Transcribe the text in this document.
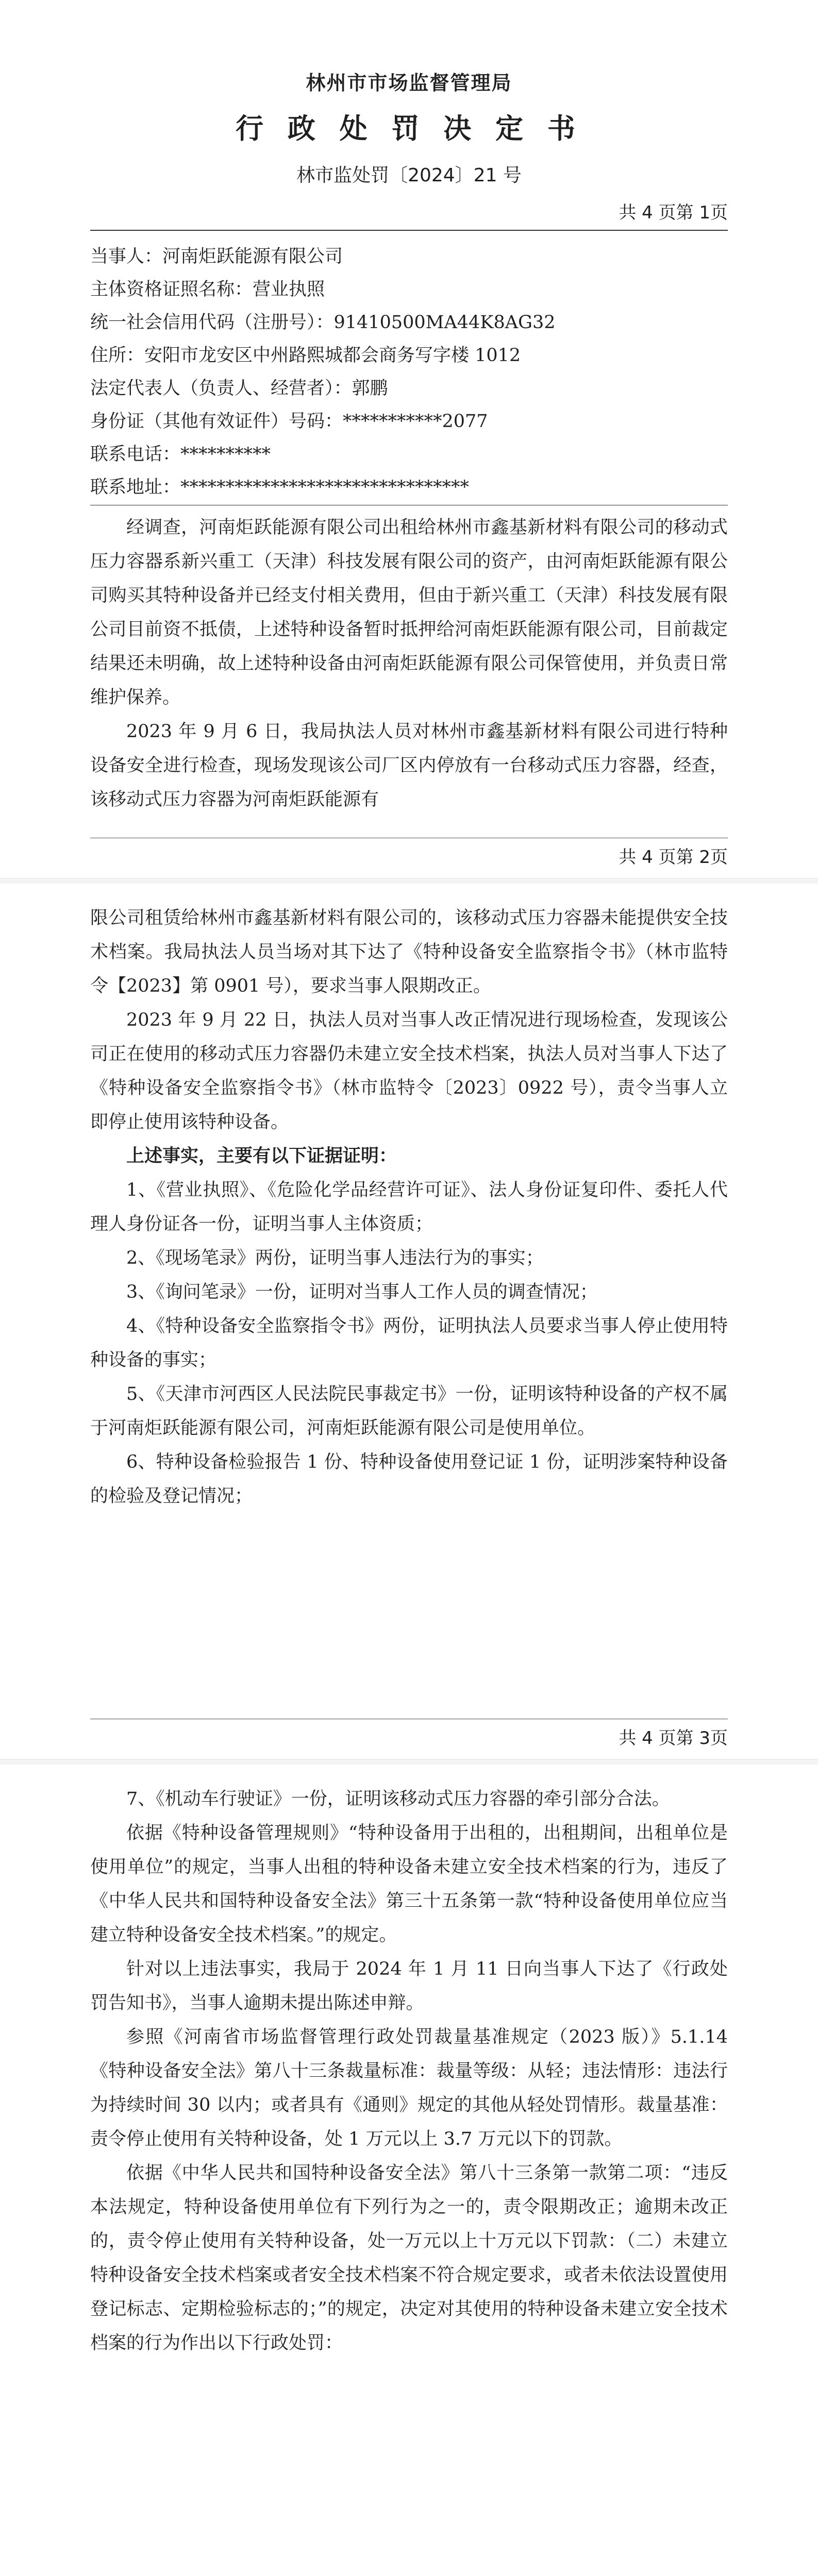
林州市市场监督管理局

行 政 处 罚 决 定 书

林市监处罚〔2024〕21 号

共 4 页第 1页

当事人：河南炬跃能源有限公司

主体资格证照名称：营业执照

统一社会信用代码（注册号）：91410500MA44K8AG32

住所：安阳市龙安区中州路熙城都会商务写字楼 1012

法定代表人（负责人、经营者）：郭鹏

身份证（其他有效证件）号码：***********2077

联系电话：**********

联系地址：********************************

经调查，河南炬跃能源有限公司出租给林州市鑫基新材料有限公司的移动式压力容器系新兴重工（天津）科技发展有限公司的资产，由河南炬跃能源有限公司购买其特种设备并已经支付相关费用，但由于新兴重工（天津）科技发展有限公司目前资不抵债，上述特种设备暂时抵押给河南炬跃能源有限公司，目前裁定结果还未明确，故上述特种设备由河南炬跃能源有限公司保管使用，并负责日常维护保养。

2023 年 9 月 6 日，我局执法人员对林州市鑫基新材料有限公司进行特种设备安全进行检查，现场发现该公司厂区内停放有一台移动式压力容器，经查，该移动式压力容器为河南炬跃能源有

共 4 页第 2页

限公司租赁给林州市鑫基新材料有限公司的，该移动式压力容器未能提供安全技术档案。我局执法人员当场对其下达了《特种设备安全监察指令书》（林市监特令【2023】第 0901 号），要求当事人限期改正。

2023 年 9 月 22 日，执法人员对当事人改正情况进行现场检查，发现该公司正在使用的移动式压力容器仍未建立安全技术档案，执法人员对当事人下达了《特种设备安全监察指令书》（林市监特令〔2023〕0922 号），责令当事人立即停止使用该特种设备。

上述事实，主要有以下证据证明：

1、《营业执照》、《危险化学品经营许可证》、法人身份证复印件、委托人代理人身份证各一份，证明当事人主体资质；

2、《现场笔录》两份，证明当事人违法行为的事实；

3、《询问笔录》一份，证明对当事人工作人员的调查情况；

4、《特种设备安全监察指令书》两份，证明执法人员要求当事人停止使用特种设备的事实；

5、《天津市河西区人民法院民事裁定书》一份，证明该特种设备的产权不属于河南炬跃能源有限公司，河南炬跃能源有限公司是使用单位。

6、特种设备检验报告 1 份、特种设备使用登记证 1 份，证明涉案特种设备的检验及登记情况；

共 4 页第 3页

7、《机动车行驶证》一份，证明该移动式压力容器的牵引部分合法。

依据《特种设备管理规则》“特种设备用于出租的，出租期间，出租单位是使用单位”的规定，当事人出租的特种设备未建立安全技术档案的行为，违反了《中华人民共和国特种设备安全法》第三十五条第一款“特种设备使用单位应当建立特种设备安全技术档案。”的规定。

针对以上违法事实，我局于 2024 年 1 月 11 日向当事人下达了《行政处罚告知书》，当事人逾期未提出陈述申辩。

参照《河南省市场监督管理行政处罚裁量基准规定（2023 版）》5.1.14《特种设备安全法》第八十三条裁量标准：裁量等级：从轻；违法情形：违法行为持续时间 30 以内；或者具有《通则》规定的其他从轻处罚情形。裁量基准：责令停止使用有关特种设备，处 1 万元以上 3.7 万元以下的罚款。

依据《中华人民共和国特种设备安全法》第八十三条第一款第二项：“违反本法规定，特种设备使用单位有下列行为之一的，责令限期改正；逾期未改正的，责令停止使用有关特种设备，处一万元以上十万元以下罚款：（二）未建立特种设备安全技术档案或者安全技术档案不符合规定要求，或者未依法设置使用登记标志、定期检验标志的；”的规定，决定对其使用的特种设备未建立安全技术档案的行为作出以下行政处罚：
